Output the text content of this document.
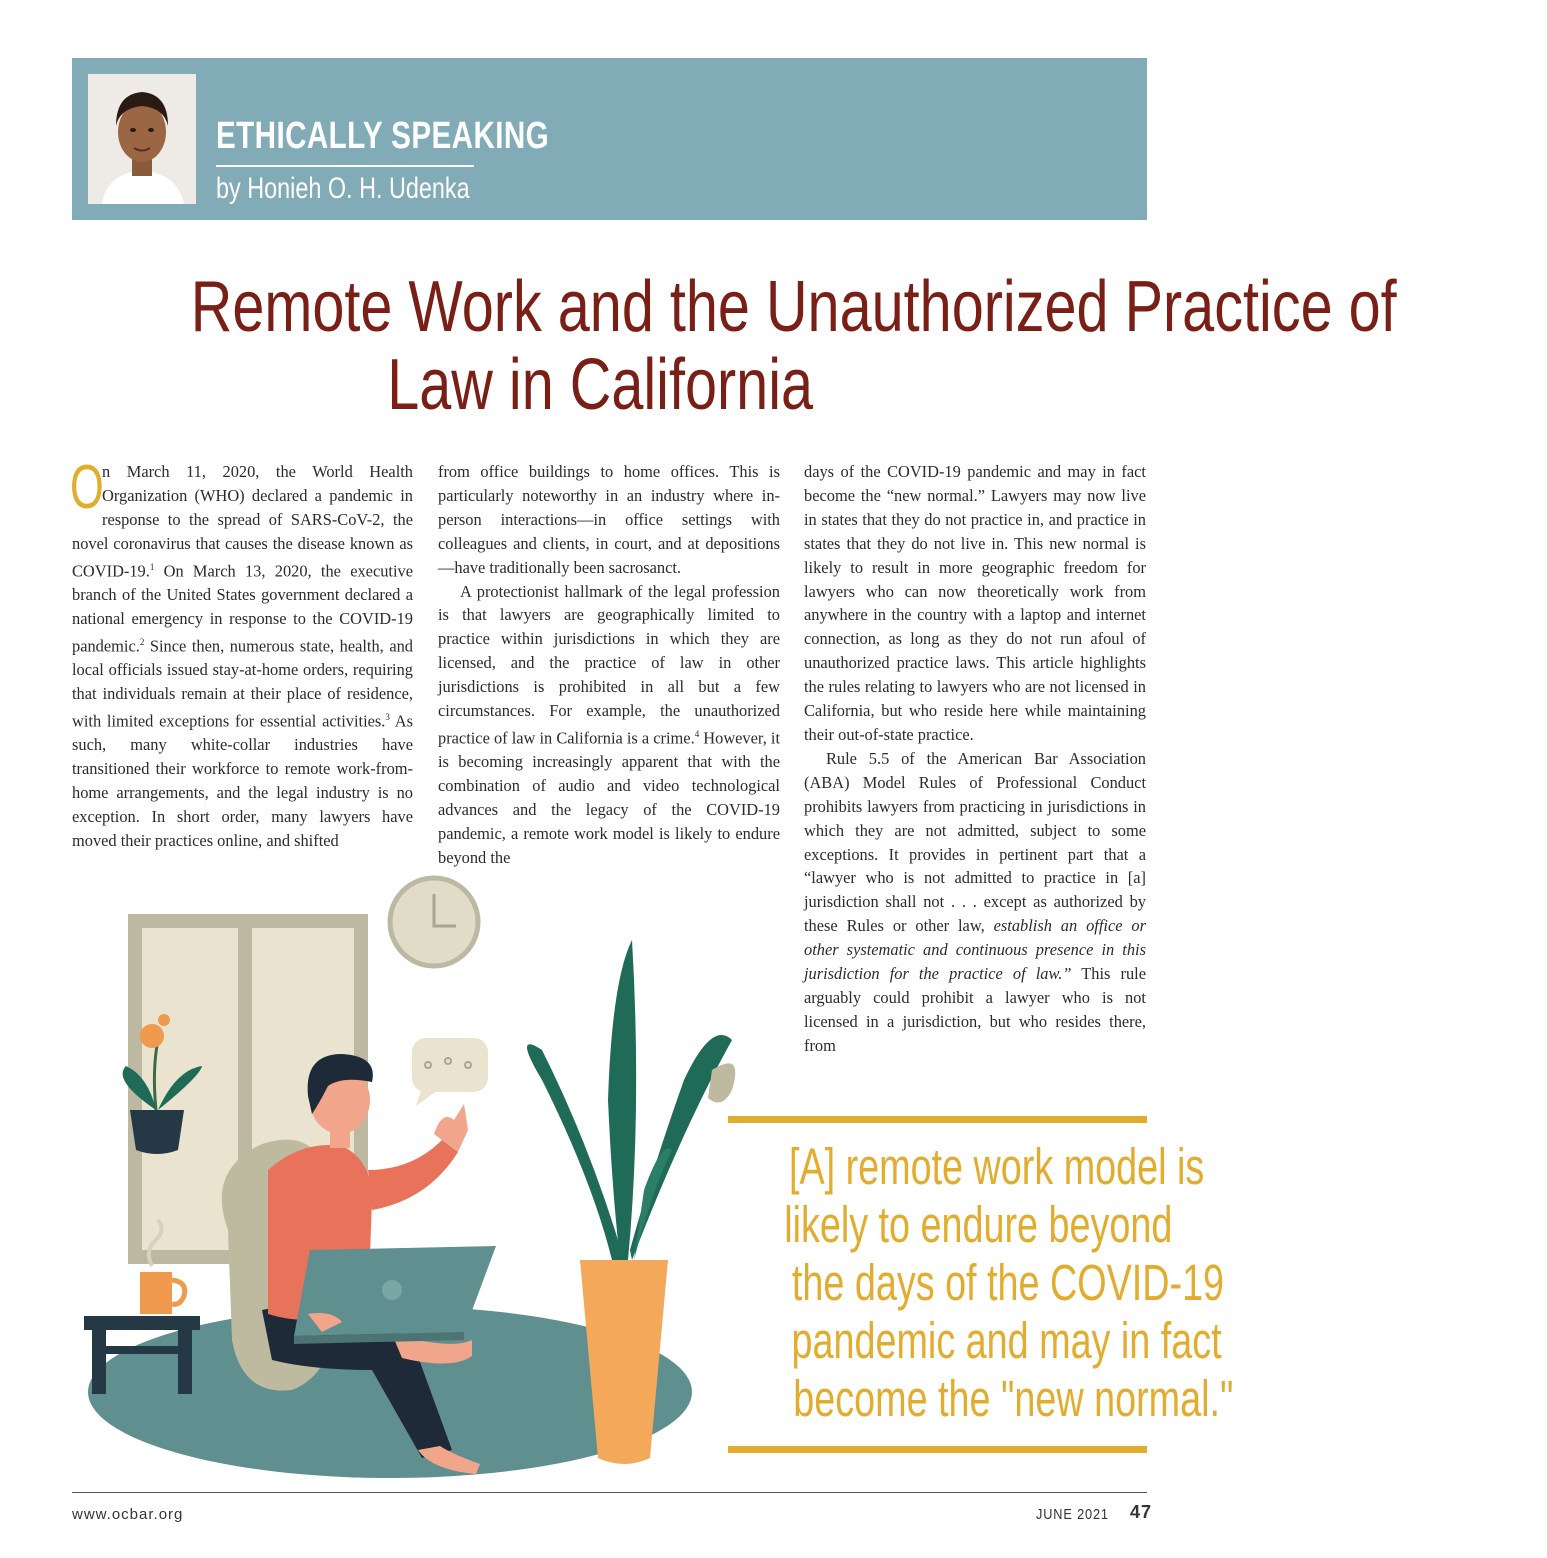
ETHICALLY SPEAKING
by Honieh O. H. Udenka
Remote Work and the Unauthorized Practice of
Law in California

O
n March 11, 2020, the World Health Organization (WHO) declared a pandemic in response to the spread of SARS-CoV-2, the novel coronavirus that causes the disease known as COVID-19.$^1$ On March 13, 2020, the executive branch of the United States government declared a national emergency in response to the COVID-19 pandemic.$^2$ Since then, numerous state, health, and local officials issued stay-at-home orders, requiring that individuals remain at their place of residence, with limited exceptions for essential activities.$^3$ As such, many white-collar industries have transitioned their workforce to remote work-from-home arrangements, and the legal industry is no exception. In short order, many lawyers have moved their practices online, and shifted

from office buildings to home offices. This is particularly noteworthy in an industry where in-person interactions—in office settings with colleagues and clients, in court, and at depositions—have traditionally been sacrosanct.

A protectionist hallmark of the legal profession is that lawyers are geographically limited to practice within jurisdictions in which they are licensed, and the practice of law in other jurisdictions is prohibited in all but a few circumstances. For example, the unauthorized practice of law in California is a crime.$^4$ However, it is becoming increasingly apparent that with the combination of audio and video technological advances and the legacy of the COVID-19 pandemic, a remote work model is likely to endure beyond the

days of the COVID-19 pandemic and may in fact become the “new normal.” Lawyers may now live in states that they do not practice in, and practice in states that they do not live in. This new normal is likely to result in more geographic freedom for lawyers who can now theoretically work from anywhere in the country with a laptop and internet connection, as long as they do not run afoul of unauthorized practice laws. This article highlights the rules relating to lawyers who are not licensed in California, but who reside here while maintaining their out-of-state practice.

Rule 5.5 of the American Bar Association (ABA) Model Rules of Professional Conduct prohibits lawyers from practicing in jurisdictions in which they are not admitted, subject to some exceptions. It provides in pertinent part that a “lawyer who is not admitted to practice in [a] jurisdiction shall not . . . except as authorized by these Rules or other law, establish an office or other systematic and continuous presence in this jurisdiction for the practice of law.” This rule arguably could prohibit a lawyer who is not licensed in a jurisdiction, but who resides there, from

[A] remote work model is
likely to endure beyond
the days of the COVID-19
pandemic and may in fact
become the "new normal."
www.ocbar.org	JUNE 2021 47
